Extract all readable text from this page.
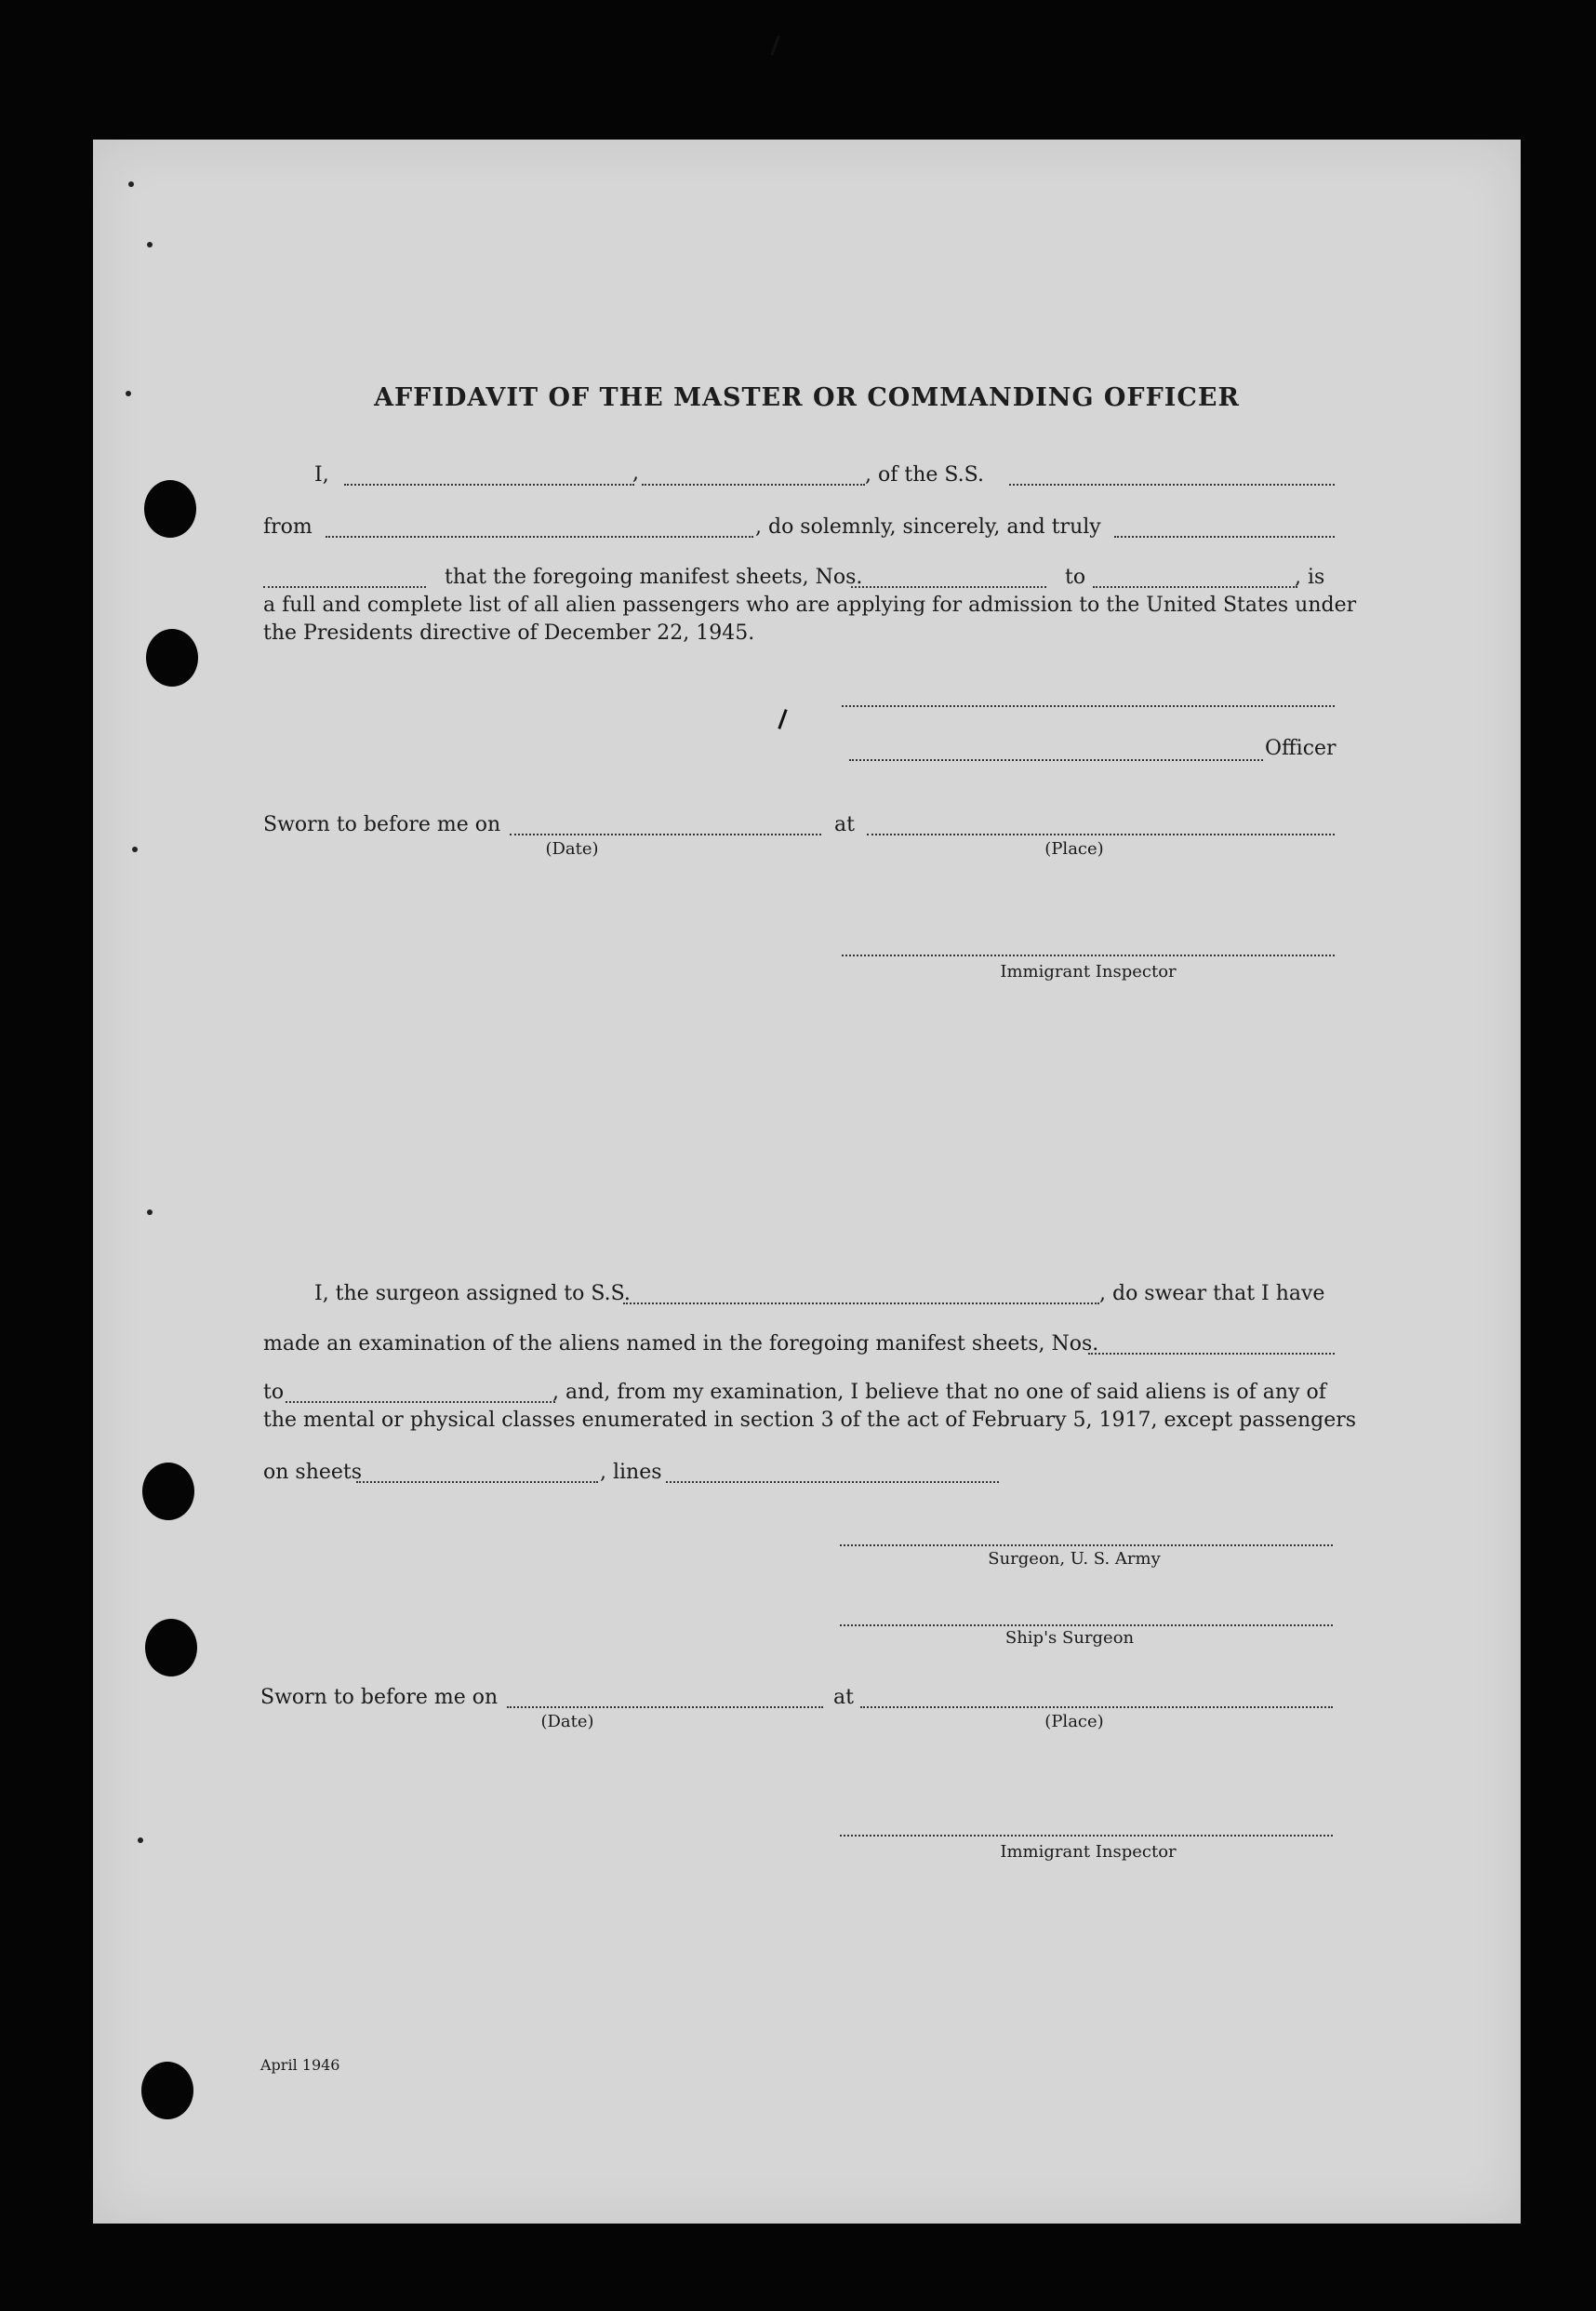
AFFIDAVIT OF THE MASTER OR COMMANDING OFFICER
I,	,	, of the S.S.
from	, do solemnly, sincerely, and truly
that the foregoing manifest sheets, Nos.	to	, is
a full and complete list of all alien passengers who are applying for admission to the United States under
the Presidents directive of December 22, 1945.
Officer
Sworn to before me on	at
(Date)	(Place)
Immigrant Inspector
I, the surgeon assigned to S.S.	, do swear that I have
made an examination of the aliens named in the foregoing manifest sheets, Nos.
to	, and, from my examination, I believe that no one of said aliens is of any of
the mental or physical classes enumerated in section 3 of the act of February 5, 1917, except passengers
on sheets	, lines
Surgeon, U. S. Army
Ship's Surgeon
Sworn to before me on	at
(Date)	(Place)
Immigrant Inspector
April 1946
